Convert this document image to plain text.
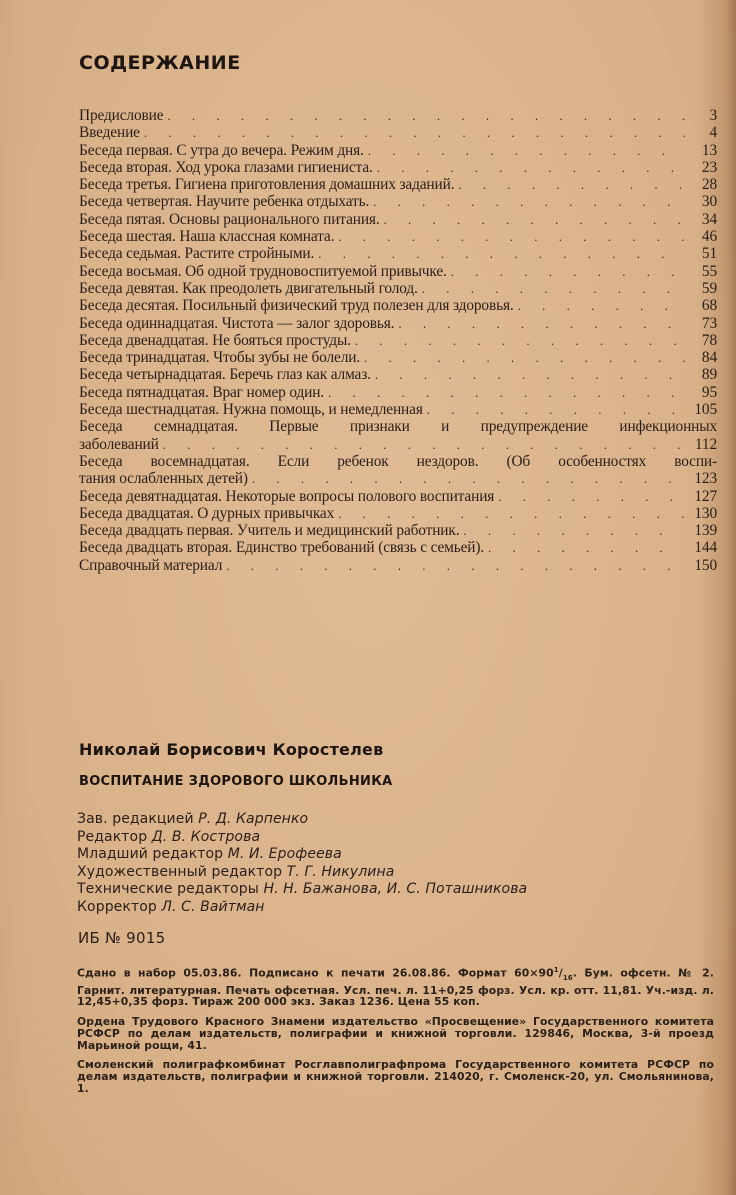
СОДЕРЖАНИЕ
Предисловие . . .	3
Введение . . .	4
Беседа первая. С утра до вечера. Режим дня. . . .	13
Беседа вторая. Ход урока глазами гигиениста. . . .	23
Беседа третья. Гигиена приготовления домашних заданий. . . .	28
Беседа четвертая. Научите ребенка отдыхать. . . .	30
Беседа пятая. Основы рационального питания. . . .	34
Беседа шестая. Наша классная комната. . . .	46
Беседа седьмая. Растите стройными. . . .	51
Беседа восьмая. Об одной трудновоспитуемой привычке. . . .	55
Беседа девятая. Как преодолеть двигательный голод. . . .	59
Беседа десятая. Посильный физический труд полезен для здоровья. . . .	68
Беседа одиннадцатая. Чистота — залог здоровья. . . .	73
Беседа двенадцатая. Не бояться простуды. . . .	78
Беседа тринадцатая. Чтобы зубы не болели. . . .	84
Беседа четырнадцатая. Беречь глаз как алмаз. . . .	89
Беседа пятнадцатая. Враг номер один. . . .	95
Беседа шестнадцатая. Нужна помощь, и немедленная . . .	105
Беседа семнадцатая. Первые признаки и предупреждение инфекционных
заболеваний . . .	112
Беседа восемнадцатая. Если ребенок нездоров. (Об особенностях воспи-
тания ослабленных детей) . . .	123
Беседа девятнадцатая. Некоторые вопросы полового воспитания . . .	127
Беседа двадцатая. О дурных привычках . . .	130
Беседа двадцать первая. Учитель и медицинский работник. . . .	139
Беседа двадцать вторая. Единство требований (связь с семьей). . . .	144
Справочный материал . . .	150
Николай Борисович Коростелев
ВОСПИТАНИЕ ЗДОРОВОГО ШКОЛЬНИКА
Зав. редакцией Р. Д. Карпенко
Редактор Д. В. Кострова
Младший редактор М. И. Ерофеева
Художественный редактор Т. Г. Никулина
Технические редакторы Н. Н. Бажанова, И. С. Поташникова
Корректор Л. С. Вайтман
ИБ № 9015

Сдано в набор 05.03.86. Подписано к печати 26.08.86. Формат $60\times 90^1/_{16}$. Бум. офсетн. № 2. Гарнит. литературная. Печать офсетная. Усл. печ. л. 11+0,25 форз. Усл. кр. отт. 11,81. Уч.-изд. л. 12,45+0,35 форз. Тираж 200 000 экз. Заказ 1236. Цена 55 коп.

Ордена Трудового Красного Знамени издательство «Просвещение» Государственного комитета РСФСР по делам издательств, полиграфии и книжной торговли. 129846, Москва, 3-й проезд Марьиной рощи, 41.

Смоленский полиграфкомбинат Росглавполиграфпрома Государственного комитета РСФСР по делам издательств, полиграфии и книжной торговли. 214020, г. Смоленск-20, ул. Смольянинова, 1.
